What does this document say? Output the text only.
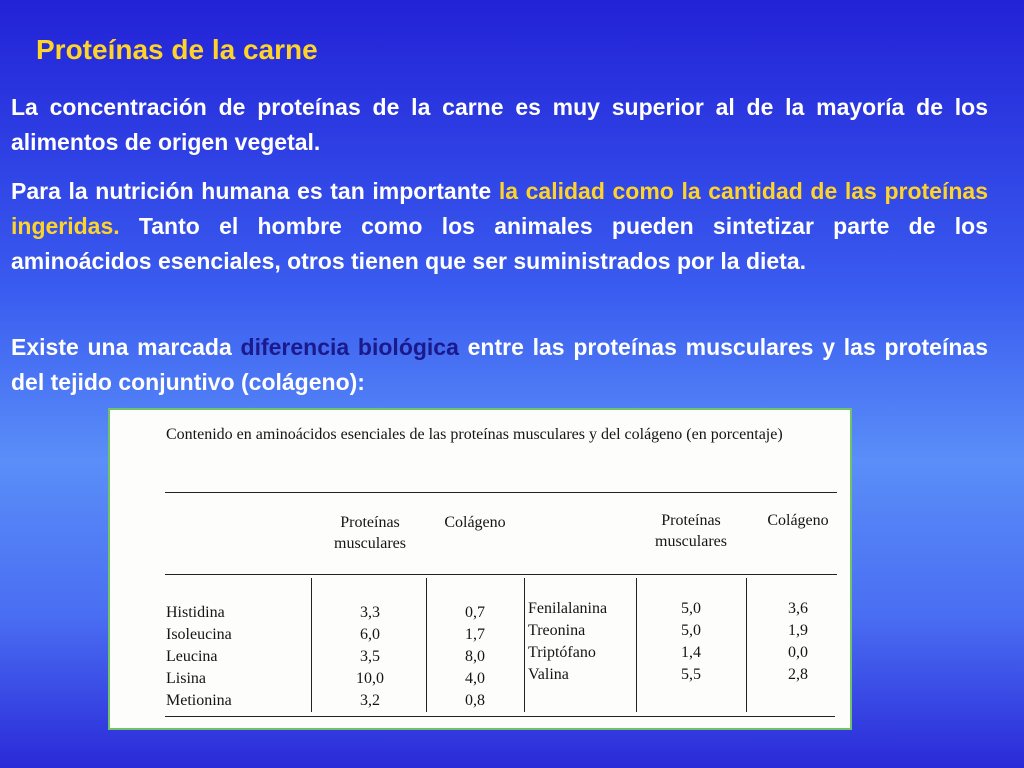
Proteínas de la carne

La concentración de proteínas de la carne es muy superior al de la mayoría de los alimentos de origen vegetal.

Para la nutrición humana es tan importante la calidad como la cantidad de las proteínas ingeridas. Tanto el hombre como los animales pueden sintetizar parte de los aminoácidos esenciales, otros tienen que ser suministrados por la dieta.

Existe una marcada diferencia biológica entre las proteínas musculares y las proteínas del tejido conjuntivo (colágeno):

Contenido en aminoácidos esenciales de las proteínas musculares y del colágeno (en porcentaje)

Proteínas musculares
Colágeno	Proteínas musculares
Colágeno
Histidina
Isoleucina
Leucina
Lisina
Metionina
3,3
6,0
3,5
10,0
3,2
0,7
1,7
8,0
4,0
0,8
Fenilalanina
Treonina
Triptófano
Valina
5,0
5,0
1,4
5,5
3,6
1,9
0,0
2,8
